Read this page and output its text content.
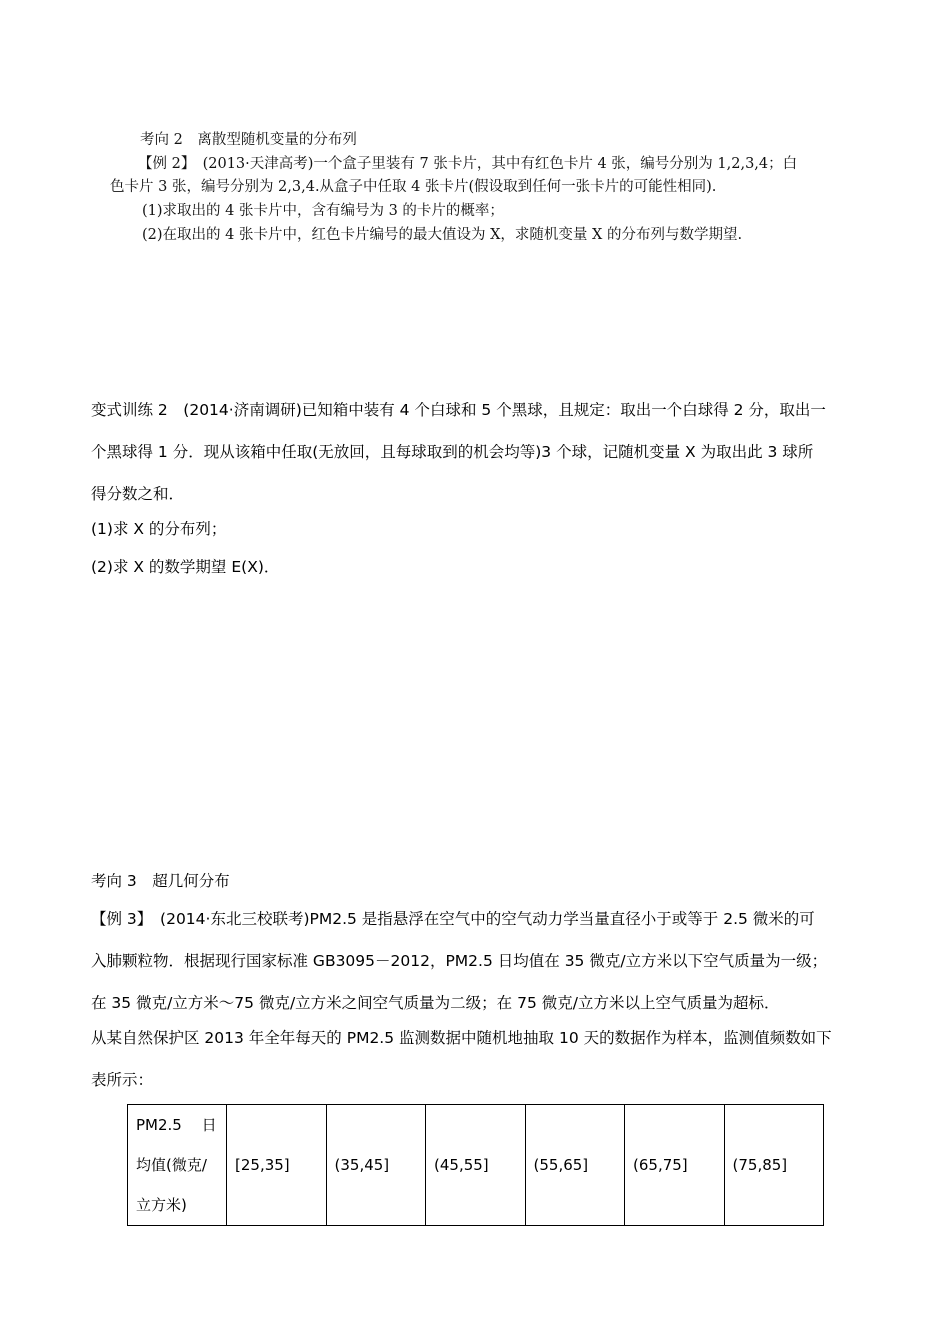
考向 2　离散型随机变量的分布列
【例 2】　(2013·天津高考)一个盒子里装有 7 张卡片，其中有红色卡片 4 张，编号分别为 1,2,3,4；白
色卡片 3 张，编号分别为 2,3,4.从盒子中任取 4 张卡片(假设取到任何一张卡片的可能性相同).
(1)求取出的 4 张卡片中，含有编号为 3 的卡片的概率；
(2)在取出的 4 张卡片中，红色卡片编号的最大值设为 X，求随机变量 X 的分布列与数学期望.
变式训练 2　(2014·济南调研)已知箱中装有 4 个白球和 5 个黑球，且规定：取出一个白球得 2 分，取出一
个黑球得 1 分．现从该箱中任取(无放回，且每球取到的机会均等)3 个球，记随机变量 X 为取出此 3 球所
得分数之和．
(1)求 X 的分布列；
(2)求 X 的数学期望 E(X)．
考向 3　超几何分布
【例 3】　(2014·东北三校联考)PM2.5 是指悬浮在空气中的空气动力学当量直径小于或等于 2.5 微米的可
入肺颗粒物．根据现行国家标准 GB3095－2012，PM2.5 日均值在 35 微克/立方米以下空气质量为一级；
在 35 微克/立方米～75 微克/立方米之间空气质量为二级；在 75 微克/立方米以上空气质量为超标．
从某自然保护区 2013 年全年每天的 PM2.5 监测数据中随机地抽取 10 天的数据作为样本，监测值频数如下
表所示：
PM2.5　 日
均值(微克/
立方米)
	[25,35]	(35,45]	(45,55]	(55,65]	(65,75]	(75,85]
